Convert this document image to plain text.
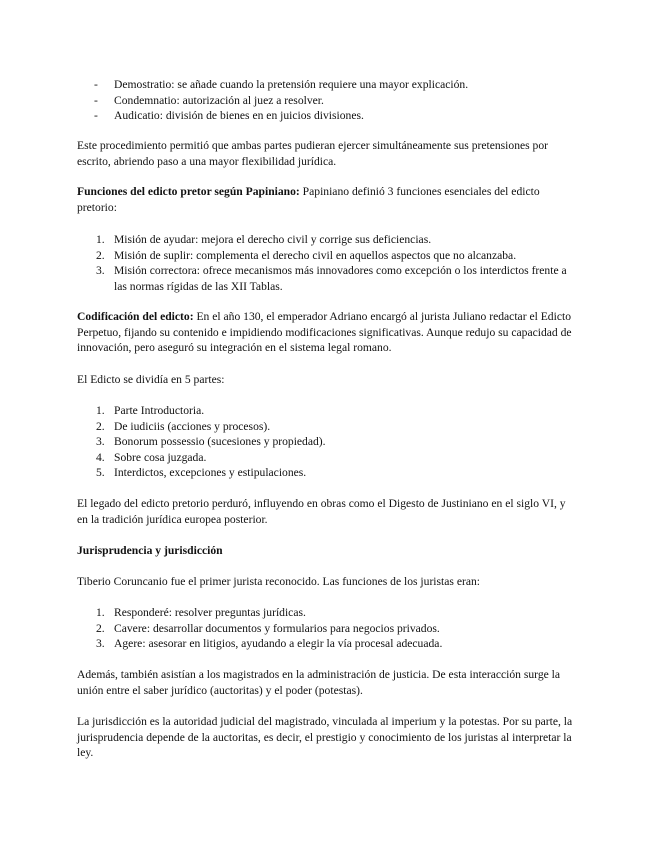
-	Demostratio: se añade cuando la pretensión requiere una mayor explicación.
-	Condemnatio: autorización al juez a resolver.
-	Audicatio: división de bienes en en juicios divisiones.

Este procedimiento permitió que ambas partes pudieran ejercer simultáneamente sus pretensiones por escrito, abriendo paso a una mayor flexibilidad jurídica.

Funciones del edicto pretor según Papiniano: Papiniano definió 3 funciones esenciales del edicto pretorio:

1. Misión de ayudar: mejora el derecho civil y corrige sus deficiencias.
2. Misión de suplir: complementa el derecho civil en aquellos aspectos que no alcanzaba.
3. Misión correctora: ofrece mecanismos más innovadores como excepción o los interdictos frente a las normas rígidas de las XII Tablas.

Codificación del edicto: En el año 130, el emperador Adriano encargó al jurista Juliano redactar el Edicto Perpetuo, fijando su contenido e impidiendo modificaciones significativas. Aunque redujo su capacidad de innovación, pero aseguró su integración en el sistema legal romano.

El Edicto se dividía en 5 partes:

1. Parte Introductoria.
2. De iudiciis (acciones y procesos).
3. Bonorum possessio (sucesiones y propiedad).
4. Sobre cosa juzgada.
5. Interdictos, excepciones y estipulaciones.

El legado del edicto pretorio perduró, influyendo en obras como el Digesto de Justiniano en el siglo VI, y en la tradición jurídica europea posterior.

Jurisprudencia y jurisdicción

Tiberio Coruncanio fue el primer jurista reconocido. Las funciones de los juristas eran:

1. Responderé: resolver preguntas jurídicas.
2. Cavere: desarrollar documentos y formularios para negocios privados.
3. Agere: asesorar en litigios, ayudando a elegir la vía procesal adecuada.

Además, también asistían a los magistrados en la administración de justicia. De esta interacción surge la unión entre el saber jurídico (auctoritas) y el poder (potestas).

La jurisdicción es la autoridad judicial del magistrado, vinculada al imperium y la potestas. Por su parte, la jurisprudencia depende de la auctoritas, es decir, el prestigio y conocimiento de los juristas al interpretar la ley.
